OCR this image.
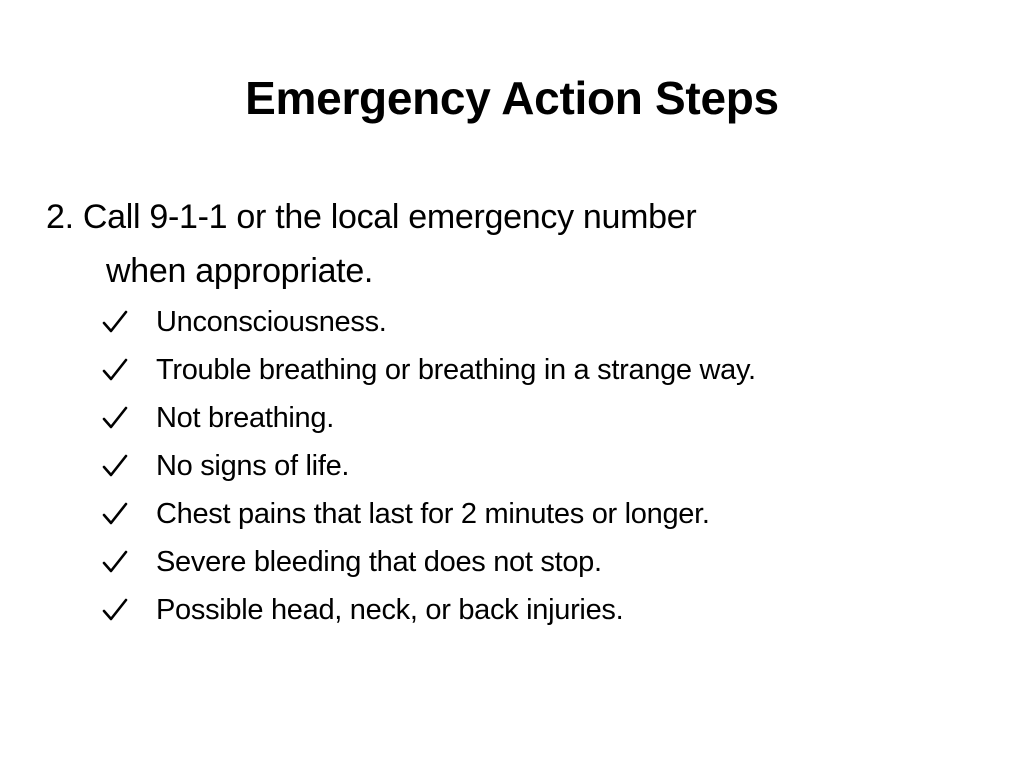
Emergency Action Steps

2. Call 9-1-1 or the local emergency number
when appropriate.

Unconsciousness.
Trouble breathing or breathing in a strange way.
Not breathing.
No signs of life.
Chest pains that last for 2 minutes or longer.
Severe bleeding that does not stop.
Possible head, neck, or back injuries.
